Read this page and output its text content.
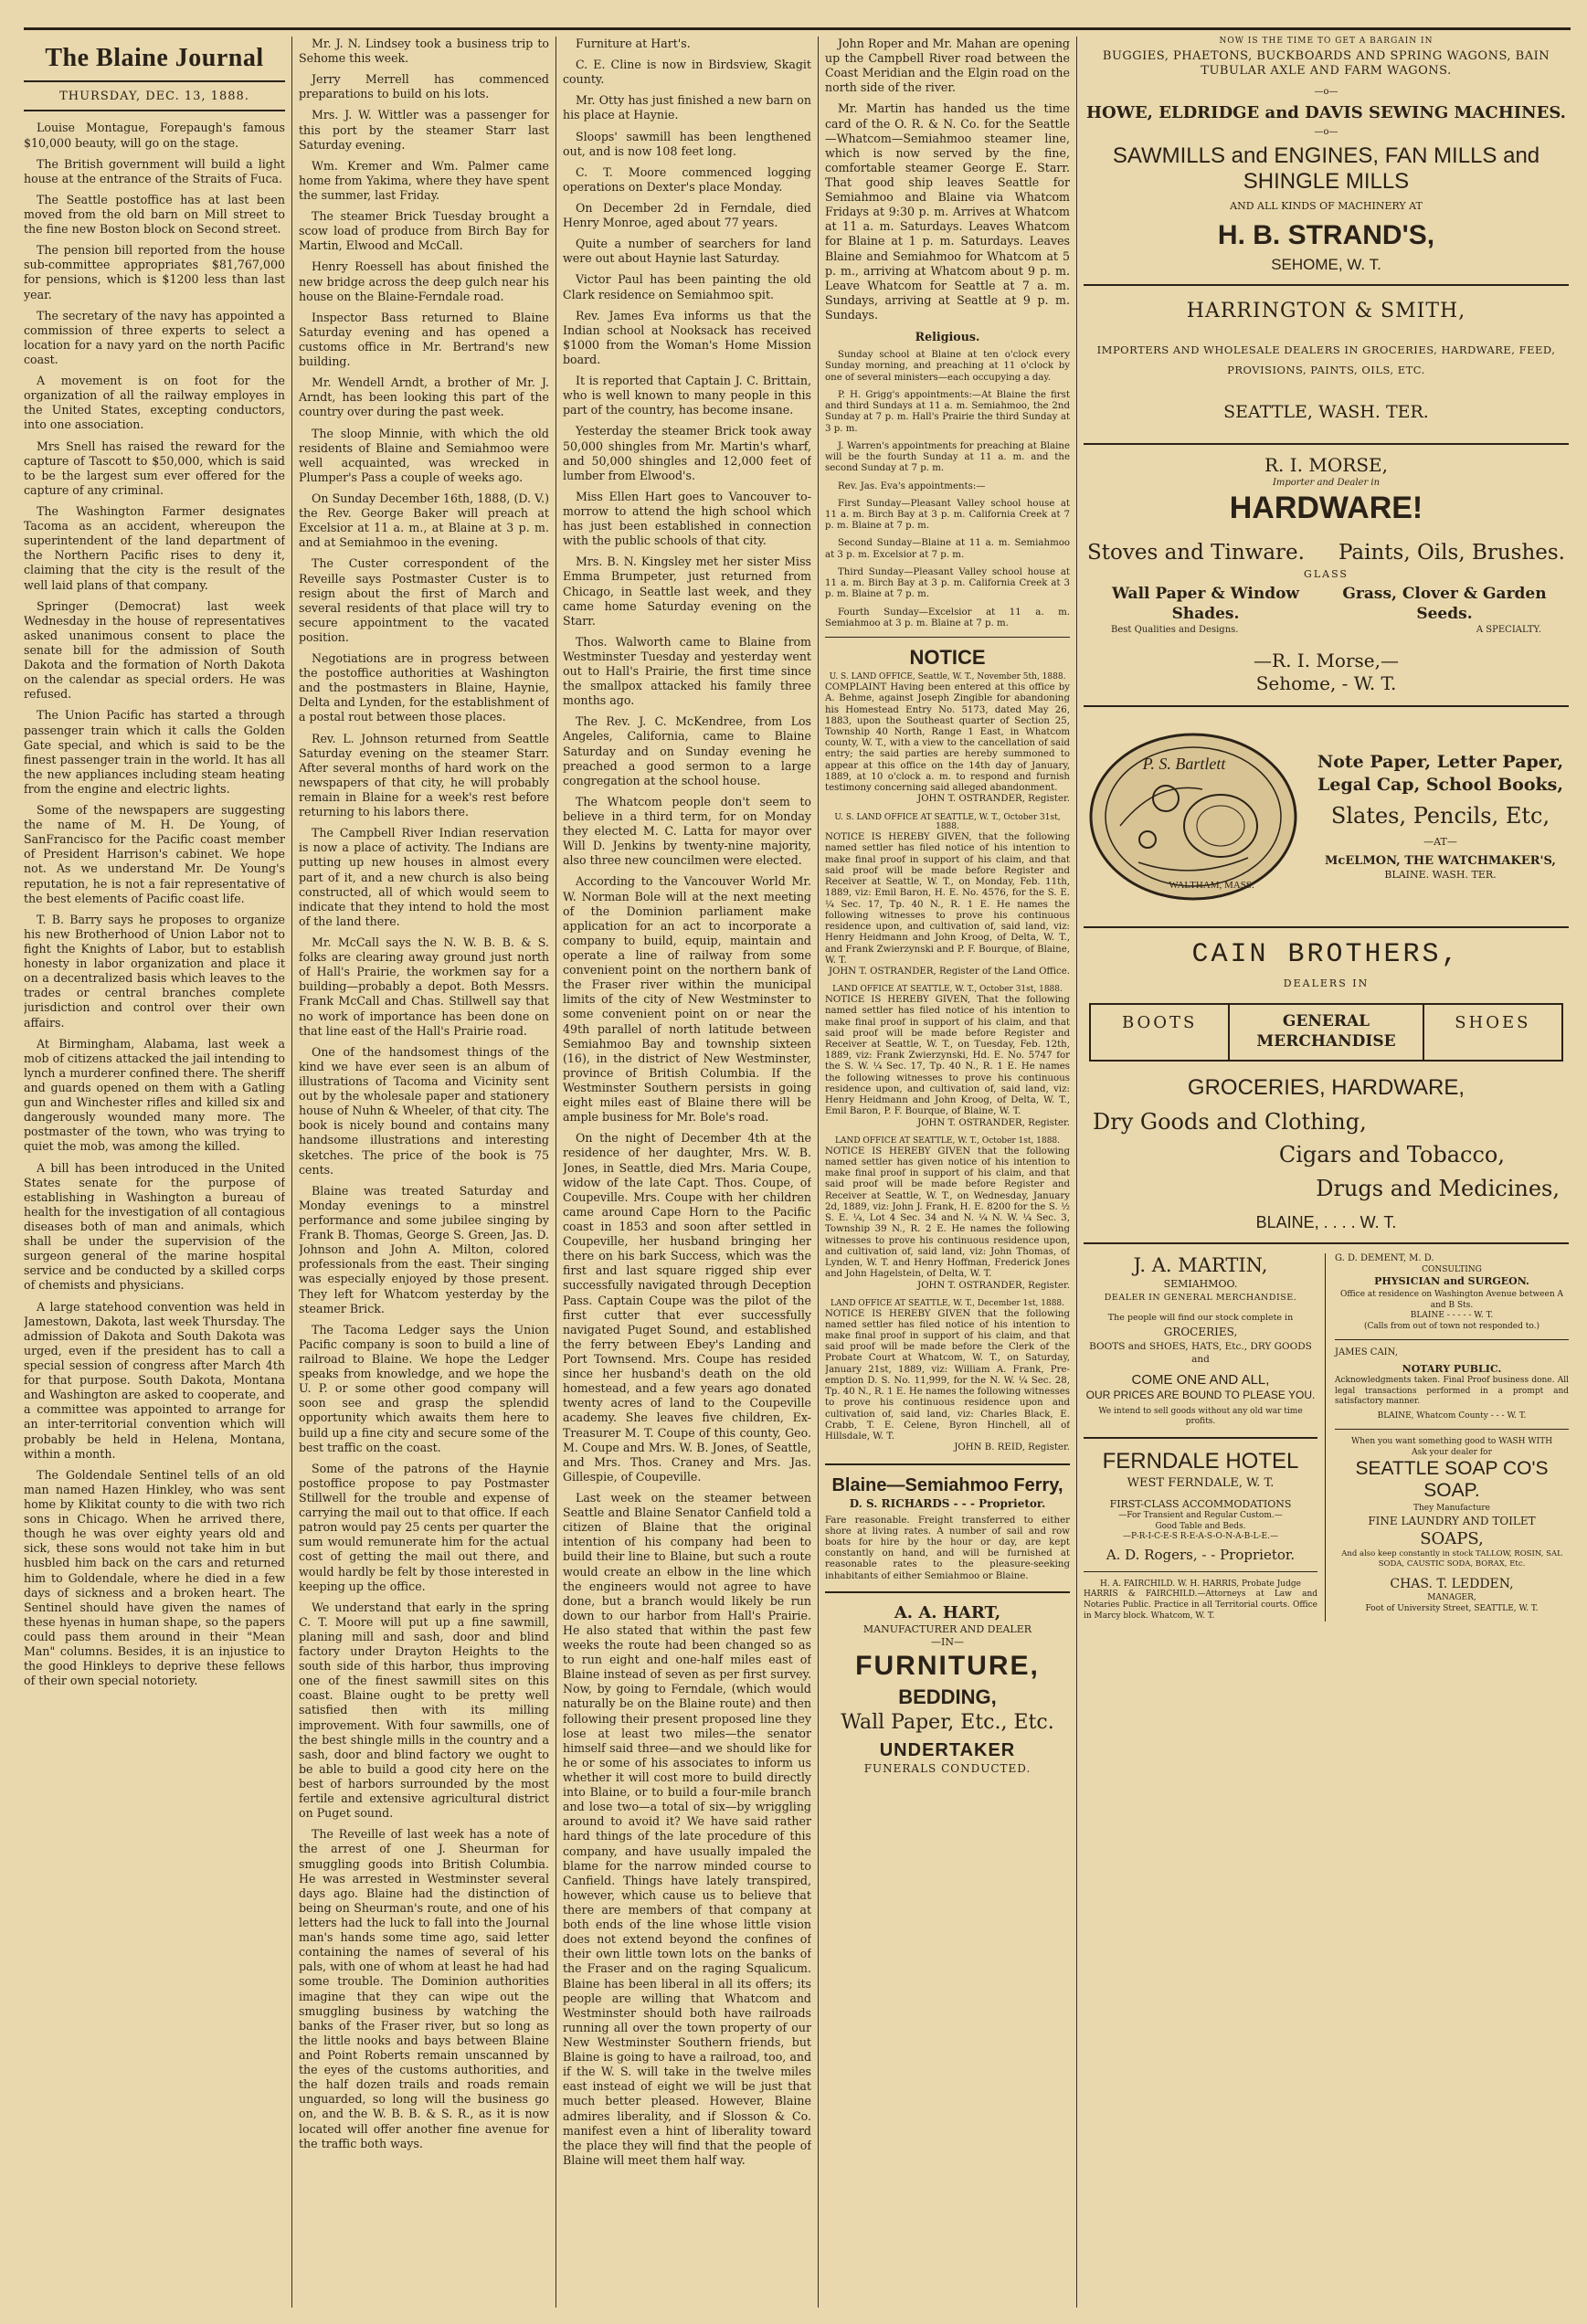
The Blaine Journal
THURSDAY, DEC. 13, 1888.

Louise Montague, Forepaugh's famous $10,000 beauty, will go on the stage.

The British government will build a light house at the entrance of the Straits of Fuca.

The Seattle postoffice has at last been moved from the old barn on Mill street to the fine new Boston block on Second street.

The pension bill reported from the house sub-committee appropriates $81,767,000 for pensions, which is $1200 less than last year.

The secretary of the navy has appointed a commission of three experts to select a location for a navy yard on the north Pacific coast.

A movement is on foot for the organization of all the railway employes in the United States, excepting conductors, into one association.

Mrs Snell has raised the reward for the capture of Tascott to $50,000, which is said to be the largest sum ever offered for the capture of any criminal.

The Washington Farmer designates Tacoma as an accident, whereupon the superintendent of the land department of the Northern Pacific rises to deny it, claiming that the city is the result of the well laid plans of that company.

Springer (Democrat) last week Wednesday in the house of representatives asked unanimous consent to place the senate bill for the admission of South Dakota and the formation of North Dakota on the calendar as special orders. He was refused.

The Union Pacific has started a through passenger train which it calls the Golden Gate special, and which is said to be the finest passenger train in the world. It has all the new appliances including steam heating from the engine and electric lights.

Some of the newspapers are suggesting the name of M. H. De Young, of SanFrancisco for the Pacific coast member of President Harrison's cabinet. We hope not. As we understand Mr. De Young's reputation, he is not a fair representative of the best elements of Pacific coast life.

T. B. Barry says he proposes to organize his new Brotherhood of Union Labor not to fight the Knights of Labor, but to establish honesty in labor organization and place it on a decentralized basis which leaves to the trades or central branches complete jurisdiction and control over their own affairs.

At Birmingham, Alabama, last week a mob of citizens attacked the jail intending to lynch a murderer confined there. The sheriff and guards opened on them with a Gatling gun and Winchester rifles and killed six and dangerously wounded many more. The postmaster of the town, who was trying to quiet the mob, was among the killed.

A bill has been introduced in the United States senate for the purpose of establishing in Washington a bureau of health for the investigation of all contagious diseases both of man and animals, which shall be under the supervision of the surgeon general of the marine hospital service and be conducted by a skilled corps of chemists and physicians.

A large statehood convention was held in Jamestown, Dakota, last week Thursday. The admission of Dakota and South Dakota was urged, even if the president has to call a special session of congress after March 4th for that purpose. South Dakota, Montana and Washington are asked to cooperate, and a committee was appointed to arrange for an inter-territorial convention which will probably be held in Helena, Montana, within a month.

The Goldendale Sentinel tells of an old man named Hazen Hinkley, who was sent home by Klikitat county to die with two rich sons in Chicago. When he arrived there, though he was over eighty years old and sick, these sons would not take him in but husbled him back on the cars and returned him to Goldendale, where he died in a few days of sickness and a broken heart. The Sentinel should have given the names of these hyenas in human shape, so the papers could pass them around in their "Mean Man" columns. Besides, it is an injustice to the good Hinkleys to deprive these fellows of their own special notoriety.

Mr. J. N. Lindsey took a business trip to Sehome this week.

Jerry Merrell has commenced preparations to build on his lots.

Mrs. J. W. Wittler was a passenger for this port by the steamer Starr last Saturday evening.

Wm. Kremer and Wm. Palmer came home from Yakima, where they have spent the summer, last Friday.

The steamer Brick Tuesday brought a scow load of produce from Birch Bay for Martin, Elwood and McCall.

Henry Roessell has about finished the new bridge across the deep gulch near his house on the Blaine-Ferndale road.

Inspector Bass returned to Blaine Saturday evening and has opened a customs office in Mr. Bertrand's new building.

Mr. Wendell Arndt, a brother of Mr. J. Arndt, has been looking this part of the country over during the past week.

The sloop Minnie, with which the old residents of Blaine and Semiahmoo were well acquainted, was wrecked in Plumper's Pass a couple of weeks ago.

On Sunday December 16th, 1888, (D. V.) the Rev. George Baker will preach at Excelsior at 11 a. m., at Blaine at 3 p. m. and at Semiahmoo in the evening.

The Custer correspondent of the Reveille says Postmaster Custer is to resign about the first of March and several residents of that place will try to secure appointment to the vacated position.

Negotiations are in progress between the postoffice authorities at Washington and the postmasters in Blaine, Haynie, Delta and Lynden, for the establishment of a postal rout between those places.

Rev. L. Johnson returned from Seattle Saturday evening on the steamer Starr. After several months of hard work on the newspapers of that city, he will probably remain in Blaine for a week's rest before returning to his labors there.

The Campbell River Indian reservation is now a place of activity. The Indians are putting up new houses in almost every part of it, and a new church is also being constructed, all of which would seem to indicate that they intend to hold the most of the land there.

Mr. McCall says the N. W. B. B. & S. folks are clearing away ground just north of Hall's Prairie, the workmen say for a building—probably a depot. Both Messrs. Frank McCall and Chas. Stillwell say that no work of importance has been done on that line east of the Hall's Prairie road.

One of the handsomest things of the kind we have ever seen is an album of illustrations of Tacoma and Vicinity sent out by the wholesale paper and stationery house of Nuhn & Wheeler, of that city. The book is nicely bound and contains many handsome illustrations and interesting sketches. The price of the book is 75 cents.

Blaine was treated Saturday and Monday evenings to a minstrel performance and some jubilee singing by Frank B. Thomas, George S. Green, Jas. D. Johnson and John A. Milton, colored professionals from the east. Their singing was especially enjoyed by those present. They left for Whatcom yesterday by the steamer Brick.

The Tacoma Ledger says the Union Pacific company is soon to build a line of railroad to Blaine. We hope the Ledger speaks from knowledge, and we hope the U. P. or some other good company will soon see and grasp the splendid opportunity which awaits them here to build up a fine city and secure some of the best traffic on the coast.

Some of the patrons of the Haynie postoffice propose to pay Postmaster Stillwell for the trouble and expense of carrying the mail out to that office. If each patron would pay 25 cents per quarter the sum would remunerate him for the actual cost of getting the mail out there, and would hardly be felt by those interested in keeping up the office.

We understand that early in the spring C. T. Moore will put up a fine sawmill, planing mill and sash, door and blind factory under Drayton Heights to the south side of this harbor, thus improving one of the finest sawmill sites on this coast. Blaine ought to be pretty well satisfied then with its milling improvement. With four sawmills, one of the best shingle mills in the country and a sash, door and blind factory we ought to be able to build a good city here on the best of harbors surrounded by the most fertile and extensive agricultural district on Puget sound.

The Reveille of last week has a note of the arrest of one J. Sheurman for smuggling goods into British Columbia. He was arrested in Westminster several days ago. Blaine had the distinction of being on Sheurman's route, and one of his letters had the luck to fall into the Journal man's hands some time ago, said letter containing the names of several of his pals, with one of whom at least he had had some trouble. The Dominion authorities imagine that they can wipe out the smuggling business by watching the banks of the Fraser river, but so long as the little nooks and bays between Blaine and Point Roberts remain unscanned by the eyes of the customs authorities, and the half dozen trails and roads remain unguarded, so long will the business go on, and the W. B. B. & S. R., as it is now located will offer another fine avenue for the traffic both ways.

Furniture at Hart's.

C. E. Cline is now in Birdsview, Skagit county.

Mr. Otty has just finished a new barn on his place at Haynie.

Sloops' sawmill has been lengthened out, and is now 108 feet long.

C. T. Moore commenced logging operations on Dexter's place Monday.

On December 2d in Ferndale, died Henry Monroe, aged about 77 years.

Quite a number of searchers for land were out about Haynie last Saturday.

Victor Paul has been painting the old Clark residence on Semiahmoo spit.

Rev. James Eva informs us that the Indian school at Nooksack has received $1000 from the Woman's Home Mission board.

It is reported that Captain J. C. Brittain, who is well known to many people in this part of the country, has become insane.

Yesterday the steamer Brick took away 50,000 shingles from Mr. Martin's wharf, and 50,000 shingles and 12,000 feet of lumber from Elwood's.

Miss Ellen Hart goes to Vancouver to-morrow to attend the high school which has just been established in connection with the public schools of that city.

Mrs. B. N. Kingsley met her sister Miss Emma Brumpeter, just returned from Chicago, in Seattle last week, and they came home Saturday evening on the Starr.

Thos. Walworth came to Blaine from Westminster Tuesday and yesterday went out to Hall's Prairie, the first time since the smallpox attacked his family three months ago.

The Rev. J. C. McKendree, from Los Angeles, California, came to Blaine Saturday and on Sunday evening he preached a good sermon to a large congregation at the school house.

The Whatcom people don't seem to believe in a third term, for on Monday they elected M. C. Latta for mayor over Will D. Jenkins by twenty-nine majority, also three new councilmen were elected.

According to the Vancouver World Mr. W. Norman Bole will at the next meeting of the Dominion parliament make application for an act to incorporate a company to build, equip, maintain and operate a line of railway from some convenient point on the northern bank of the Fraser river within the municipal limits of the city of New Westminster to some convenient point on or near the 49th parallel of north latitude between Semiahmoo Bay and township sixteen (16), in the district of New Westminster, province of British Columbia. If the Westminster Southern persists in going eight miles east of Blaine there will be ample business for Mr. Bole's road.

On the night of December 4th at the residence of her daughter, Mrs. W. B. Jones, in Seattle, died Mrs. Maria Coupe, widow of the late Capt. Thos. Coupe, of Coupeville. Mrs. Coupe with her children came around Cape Horn to the Pacific coast in 1853 and soon after settled in Coupeville, her husband bringing her there on his bark Success, which was the first and last square rigged ship ever successfully navigated through Deception Pass. Captain Coupe was the pilot of the first cutter that ever successfully navigated Puget Sound, and established the ferry between Ebey's Landing and Port Townsend. Mrs. Coupe has resided since her husband's death on the old homestead, and a few years ago donated twenty acres of land to the Coupeville academy. She leaves five children, Ex-Treasurer M. T. Coupe of this county, Geo. M. Coupe and Mrs. W. B. Jones, of Seattle, and Mrs. Thos. Craney and Mrs. Jas. Gillespie, of Coupeville.

Last week on the steamer between Seattle and Blaine Senator Canfield told a citizen of Blaine that the original intention of his company had been to build their line to Blaine, but such a route would create an elbow in the line which the engineers would not agree to have done, but a branch would likely be run down to our harbor from Hall's Prairie. He also stated that within the past few weeks the route had been changed so as to run eight and one-half miles east of Blaine instead of seven as per first survey. Now, by going to Ferndale, (which would naturally be on the Blaine route) and then following their present proposed line they lose at least two miles—the senator himself said three—and we should like for he or some of his associates to inform us whether it will cost more to build directly into Blaine, or to build a four-mile branch and lose two—a total of six—by wriggling around to avoid it? We have said rather hard things of the late procedure of this company, and have usually impaled the blame for the narrow minded course to Canfield. Things have lately transpired, however, which cause us to believe that there are members of that company at both ends of the line whose little vision does not extend beyond the confines of their own little town lots on the banks of the Fraser and on the raging Squalicum. Blaine has been liberal in all its offers; its people are willing that Whatcom and Westminster should both have railroads running all over the town property of our New Westminster Southern friends, but Blaine is going to have a railroad, too, and if the W. S. will take in the twelve miles east instead of eight we will be just that much better pleased. However, Blaine admires liberality, and if Slosson & Co. manifest even a hint of liberality toward the place they will find that the people of Blaine will meet them half way.

John Roper and Mr. Mahan are opening up the Campbell River road between the Coast Meridian and the Elgin road on the north side of the river.

Mr. Martin has handed us the time card of the O. R. & N. Co. for the Seattle—Whatcom—Semiahmoo steamer line, which is now served by the fine, comfortable steamer George E. Starr. That good ship leaves Seattle for Semiahmoo and Blaine via Whatcom Fridays at 9:30 p. m. Arrives at Whatcom at 11 a. m. Saturdays. Leaves Whatcom for Blaine at 1 p. m. Saturdays. Leaves Blaine and Semiahmoo for Whatcom at 5 p. m., arriving at Whatcom about 9 p. m. Leave Whatcom for Seattle at 7 a. m. Sundays, arriving at Seattle at 9 p. m. Sundays.

Religious.

Sunday school at Blaine at ten o'clock every Sunday morning, and preaching at 11 o'clock by one of several ministers—each occupying a day.

P. H. Grigg's appointments:—At Blaine the first and third Sundays at 11 a. m. Semiahmoo, the 2nd Sunday at 7 p. m. Hall's Prairie the third Sunday at 3 p. m.

J. Warren's appointments for preaching at Blaine will be the fourth Sunday at 11 a. m. and the second Sunday at 7 p. m.

Rev. Jas. Eva's appointments:—

First Sunday—Pleasant Valley school house at 11 a. m. Birch Bay at 3 p. m. California Creek at 7 p. m. Blaine at 7 p. m.

Second Sunday—Blaine at 11 a. m. Semiahmoo at 3 p. m. Excelsior at 7 p. m.

Third Sunday—Pleasant Valley school house at 11 a. m. Birch Bay at 3 p. m. California Creek at 3 p. m. Blaine at 7 p. m.

Fourth Sunday—Excelsior at 11 a. m. Semiahmoo at 3 p. m. Blaine at 7 p. m.

NOTICE
U. S. LAND OFFICE, Seattle, W. T., November 5th, 1888.
COMPLAINT Having been entered at this office by A. Behme, against Joseph Zingible for abandoning his Homestead Entry No. 5173, dated May 26, 1883, upon the Southeast quarter of Section 25, Township 40 North, Range 1 East, in Whatcom county, W. T., with a view to the cancellation of said entry; the said parties are hereby summoned to appear at this office on the 14th day of January, 1889, at 10 o'clock a. m. to respond and furnish testimony concerning said alleged abandonment.
JOHN T. OSTRANDER, Register.
U. S. LAND OFFICE AT SEATTLE, W. T., October 31st, 1888.
NOTICE IS HEREBY GIVEN, that the following named settler has filed notice of his intention to make final proof in support of his claim, and that said proof will be made before Register and Receiver at Seattle, W. T., on Monday, Feb. 11th, 1889, viz: Emil Baron, H. E. No. 4576, for the S. E. ¼ Sec. 17, Tp. 40 N., R. 1 E. He names the following witnesses to prove his continuous residence upon, and cultivation of, said land, viz: Henry Heidmann and John Kroog, of Delta, W. T., and Frank Zwierzynski and P. F. Bourque, of Blaine, W. T.
JOHN T. OSTRANDER, Register of the Land Office.
LAND OFFICE AT SEATTLE, W. T., October 31st, 1888.
NOTICE IS HEREBY GIVEN, That the following named settler has filed notice of his intention to make final proof in support of his claim, and that said proof will be made before Register and Receiver at Seattle, W. T., on Tuesday, Feb. 12th, 1889, viz: Frank Zwierzynski, Hd. E. No. 5747 for the S. W. ¼ Sec. 17, Tp. 40 N., R. 1 E. He names the following witnesses to prove his continuous residence upon, and cultivation of, said land, viz: Henry Heidmann and John Kroog, of Delta, W. T., Emil Baron, P. F. Bourque, of Blaine, W. T.
JOHN T. OSTRANDER, Register.
LAND OFFICE AT SEATTLE, W. T., October 1st, 1888.
NOTICE IS HEREBY GIVEN that the following named settler has given notice of his intention to make final proof in support of his claim, and that said proof will be made before Register and Receiver at Seattle, W. T., on Wednesday, January 2d, 1889, viz: John J. Frank, H. E. 8200 for the S. ½ S. E. ¼, Lot 4 Sec. 34 and N. ¼ N. W. ¼ Sec. 3, Township 39 N., R. 2 E. He names the following witnesses to prove his continuous residence upon, and cultivation of, said land, viz: John Thomas, of Lynden, W. T. and Henry Hoffman, Frederick Jones and John Hagelstein, of Delta, W. T.
JOHN T. OSTRANDER, Register.
LAND OFFICE AT SEATTLE, W. T., December 1st, 1888.
NOTICE IS HEREBY GIVEN that the following named settler has filed notice of his intention to make final proof in support of his claim, and that said proof will be made before the Clerk of the Probate Court at Whatcom, W. T., on Saturday, January 21st, 1889, viz: William A. Frank, Pre-emption D. S. No. 11,999, for the N. W. ¼ Sec. 28, Tp. 40 N., R. 1 E. He names the following witnesses to prove his continuous residence upon and cultivation of, said land, viz: Charles Black, E. Crabb, T. E. Celene, Byron Hinchell, all of Hillsdale, W. T.
JOHN B. REID, Register.
Blaine—Semiahmoo Ferry,
D. S. RICHARDS - - - Proprietor.
Fare reasonable. Freight transferred to either shore at living rates. A number of sail and row boats for hire by the hour or day, are kept constantly on hand, and will be furnished at reasonable rates to the pleasure-seeking inhabitants of either Semiahmoo or Blaine.
A. A. HART,
MANUFACTURER AND DEALER
—IN—
FURNITURE,
BEDDING,
Wall Paper, Etc., Etc.
UNDERTAKER
FUNERALS CONDUCTED.
NOW IS THE TIME TO GET A BARGAIN IN
BUGGIES, PHAETONS, BUCKBOARDS AND SPRING WAGONS, BAIN TUBULAR AXLE AND FARM WAGONS.
—o—
HOWE, ELDRIDGE and DAVIS SEWING MACHINES.
—o—
SAWMILLS and ENGINES, FAN MILLS and SHINGLE MILLS
AND ALL KINDS OF MACHINERY AT
H. B. STRAND'S,
SEHOME, W. T.
HARRINGTON & SMITH,
IMPORTERS AND WHOLESALE DEALERS IN GROCERIES, HARDWARE, FEED, PROVISIONS, PAINTS, OILS, ETC.
SEATTLE, WASH. TER.
R. I. MORSE,
Importer and Dealer in
HARDWARE!
Stoves and Tinware. Paints, Oils, Brushes.
GLASS
Wall Paper & Window Shades.
Grass, Clover & Garden Seeds.
Best Qualities and Designs.	A SPECIALTY.
—R. I. Morse,—
Sehome, - W. T.
P. S. Bartlett
WALTHAM, MASS.
Note Paper, Letter Paper, Legal Cap, School Books,
Slates, Pencils, Etc,
—AT—
McELMON, THE WATCHMAKER'S,
BLAINE. WASH. TER.
CAIN BROTHERS,
DEALERS IN
BOOTS	GENERAL MERCHANDISE
SHOES
GROCERIES, HARDWARE,
Dry Goods and Clothing,
Cigars and Tobacco,
Drugs and Medicines,
BLAINE, . . . . W. T.
J. A. MARTIN,
SEMIAHMOO.
DEALER IN GENERAL MERCHANDISE.
The people will find our stock complete in
GROCERIES,
BOOTS and SHOES, HATS, Etc., DRY GOODS and
COME ONE AND ALL,
OUR PRICES ARE BOUND TO PLEASE YOU.
We intend to sell goods without any old war time profits.
FERNDALE HOTEL
WEST FERNDALE, W. T.
FIRST-CLASS ACCOMMODATIONS
—For Transient and Regular Custom.—
Good Table and Beds.
—P-R-I-C-E-S R-E-A-S-O-N-A-B-L-E.—
A. D. Rogers, - - Proprietor.
H. A. FAIRCHILD. W. H. HARRIS, Probate Judge
HARRIS & FAIRCHILD.—Attorneys at Law and Notaries Public. Practice in all Territorial courts. Office in Marcy block. Whatcom, W. T.
G. D. DEMENT, M. D.
CONSULTING
PHYSICIAN and SURGEON.
Office at residence on Washington Avenue between A and B Sts.
BLAINE - - - - - W. T.
(Calls from out of town not responded to.)
JAMES CAIN,
NOTARY PUBLIC.
Acknowledgments taken. Final Proof business done. All legal transactions performed in a prompt and satisfactory manner.
BLAINE, Whatcom County - - - W. T.
When you want something good to WASH WITH
Ask your dealer for
SEATTLE SOAP CO'S SOAP.
They Manufacture
FINE LAUNDRY AND TOILET
SOAPS,
And also keep constantly in stock TALLOW, ROSIN, SAL SODA, CAUSTIC SODA, BORAX, Etc.
CHAS. T. LEDDEN,
MANAGER,
Foot of University Street, SEATTLE, W. T.
